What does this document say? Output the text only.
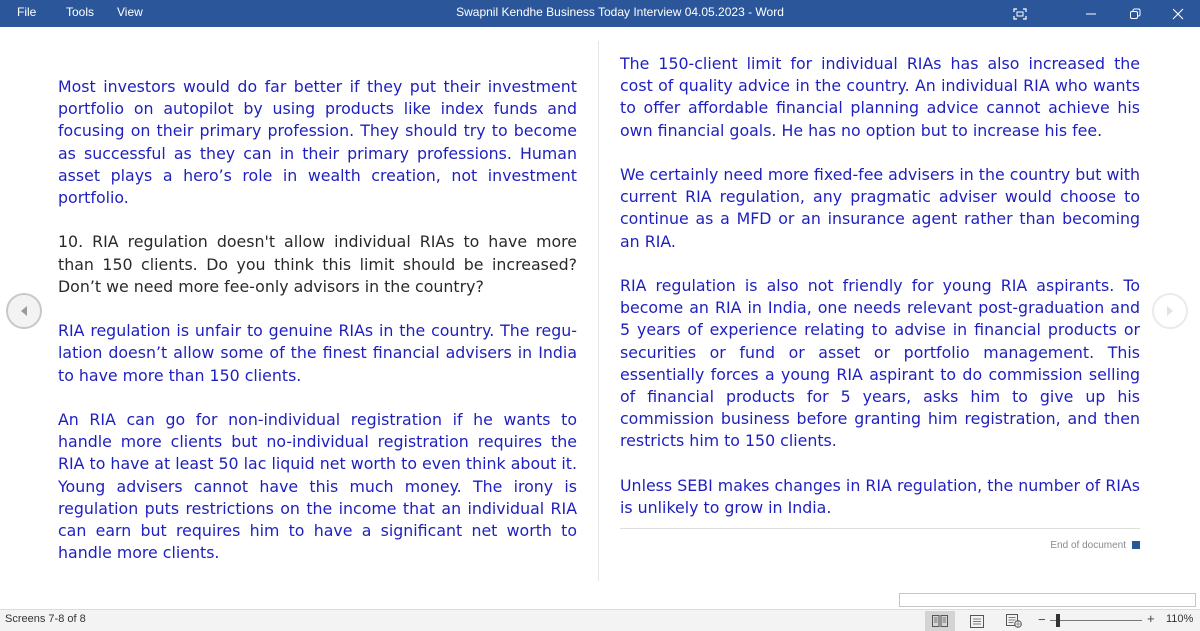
File Tools View	Swapnil Kendhe Business Today Interview 04.05.2023 - Word

Most investors would do far better if they put their investment portfolio on autopilot by using products like index funds and focusing on their primary profession. They should try to become as successful as they can in their primary professions. Human asset plays a hero’s role in wealth creation, not investment portfolio.

10. RIA regulation doesn't allow individual RIAs to have more than 150 clients. Do you think this limit should be increased? Don’t we need more fee-only advisors in the country?

RIA regulation is unfair to genuine RIAs in the country. The regulation doesn’t allow some of the finest financial advisers in India to have more than 150 clients.

An RIA can go for non-individual registration if he wants to handle more clients but no-individual registration requires the RIA to have at least 50 lac liquid net worth to even think about it. Young advisers cannot have this much money. The irony is regulation puts restrictions on the income that an individual RIA can earn but requires him to have a significant net worth to handle more clients.

The 150-client limit for individual RIAs has also increased the cost of quality advice in the country. An individual RIA who wants to offer affordable financial planning advice cannot achieve his own financial goals. He has no option but to increase his fee.

We certainly need more fixed-fee advisers in the country but with current RIA regulation, any pragmatic adviser would choose to continue as a MFD or an insurance agent rather than becoming an RIA.

RIA regulation is also not friendly for young RIA aspirants. To become an RIA in India, one needs relevant post-graduation and 5 years of experience relating to advise in financial products or securities or fund or asset or portfolio management. This essentially forces a young RIA aspirant to do commission selling of financial products for 5 years, asks him to give up his commission business before granting him registration, and then restricts him to 150 clients.

Unless SEBI makes changes in RIA regulation, the number of RIAs is unlikely to grow in India.

End of document
Screens 7-8 of 8	−	+ 110%
